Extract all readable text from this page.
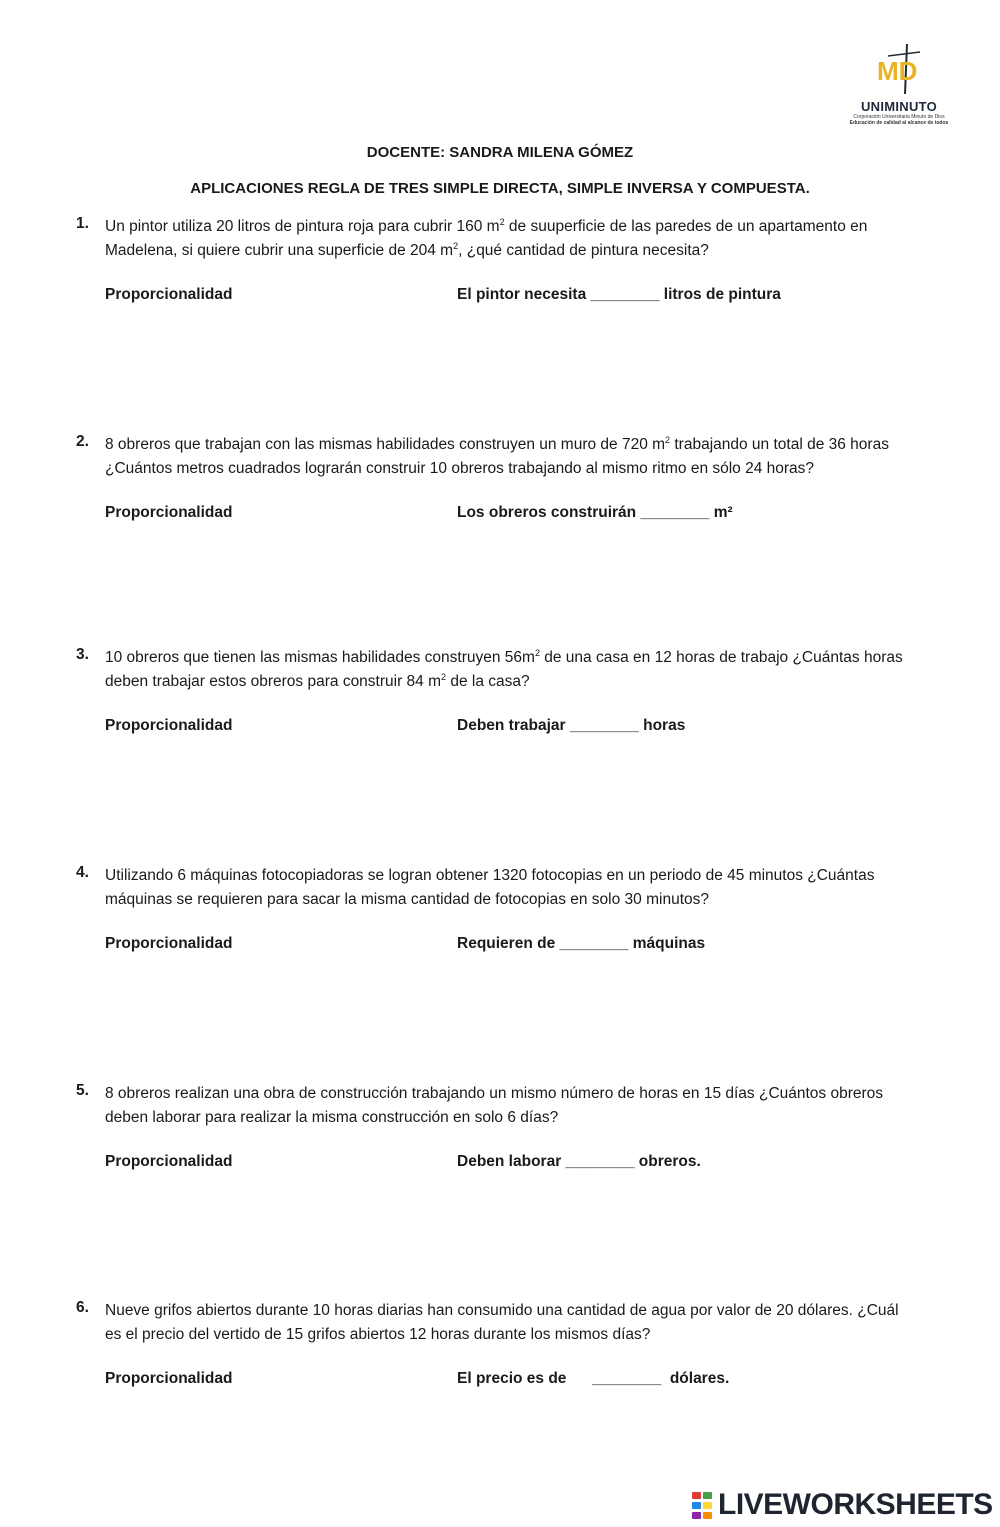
MD
UNIMINUTO
Corporación Universitaria Minuto de Dios
Educación de calidad al alcance de todos
DOCENTE: SANDRA MILENA GÓMEZ
APLICACIONES REGLA DE TRES SIMPLE DIRECTA, SIMPLE INVERSA Y COMPUESTA.
1. Un pintor utiliza 20 litros de pintura roja para cubrir 160 $m^2$ de suuperficie de las paredes de un apartamento en
Madelena, si quiere cubrir una superficie de 204 $m^2$, ¿qué cantidad de pintura necesita?
Proporcionalidad	El pintor necesita ________ litros de pintura
2. 8 obreros que trabajan con las mismas habilidades construyen un muro de 720 $m^2$ trabajando un total de 36 horas
¿Cuántos metros cuadrados lograrán construir 10 obreros trabajando al mismo ritmo en sólo 24 horas?
Proporcionalidad	Los obreros construirán ________ m²
3. 10 obreros que tienen las mismas habilidades construyen $56m^2$ de una casa en 12 horas de trabajo ¿Cuántas horas
deben trabajar estos obreros para construir 84 $m^2$ de la casa?
Proporcionalidad	Deben trabajar ________ horas
4. Utilizando 6 máquinas fotocopiadoras se logran obtener 1320 fotocopias en un periodo de 45 minutos ¿Cuántas
máquinas se requieren para sacar la misma cantidad de fotocopias en solo 30 minutos?
Proporcionalidad	Requieren de ________ máquinas
5. 8 obreros realizan una obra de construcción trabajando un mismo número de horas en 15 días ¿Cuántos obreros
deben laborar para realizar la misma construcción en solo 6 días?
Proporcionalidad	Deben laborar ________ obreros.
6. Nueve grifos abiertos durante 10 horas diarias han consumido una cantidad de agua por valor de 20 dólares. ¿Cuál
es el precio del vertido de 15 grifos abiertos 12 horas durante los mismos días?
Proporcionalidad	El precio es de      ________  dólares.
LIVEWORKSHEETS
